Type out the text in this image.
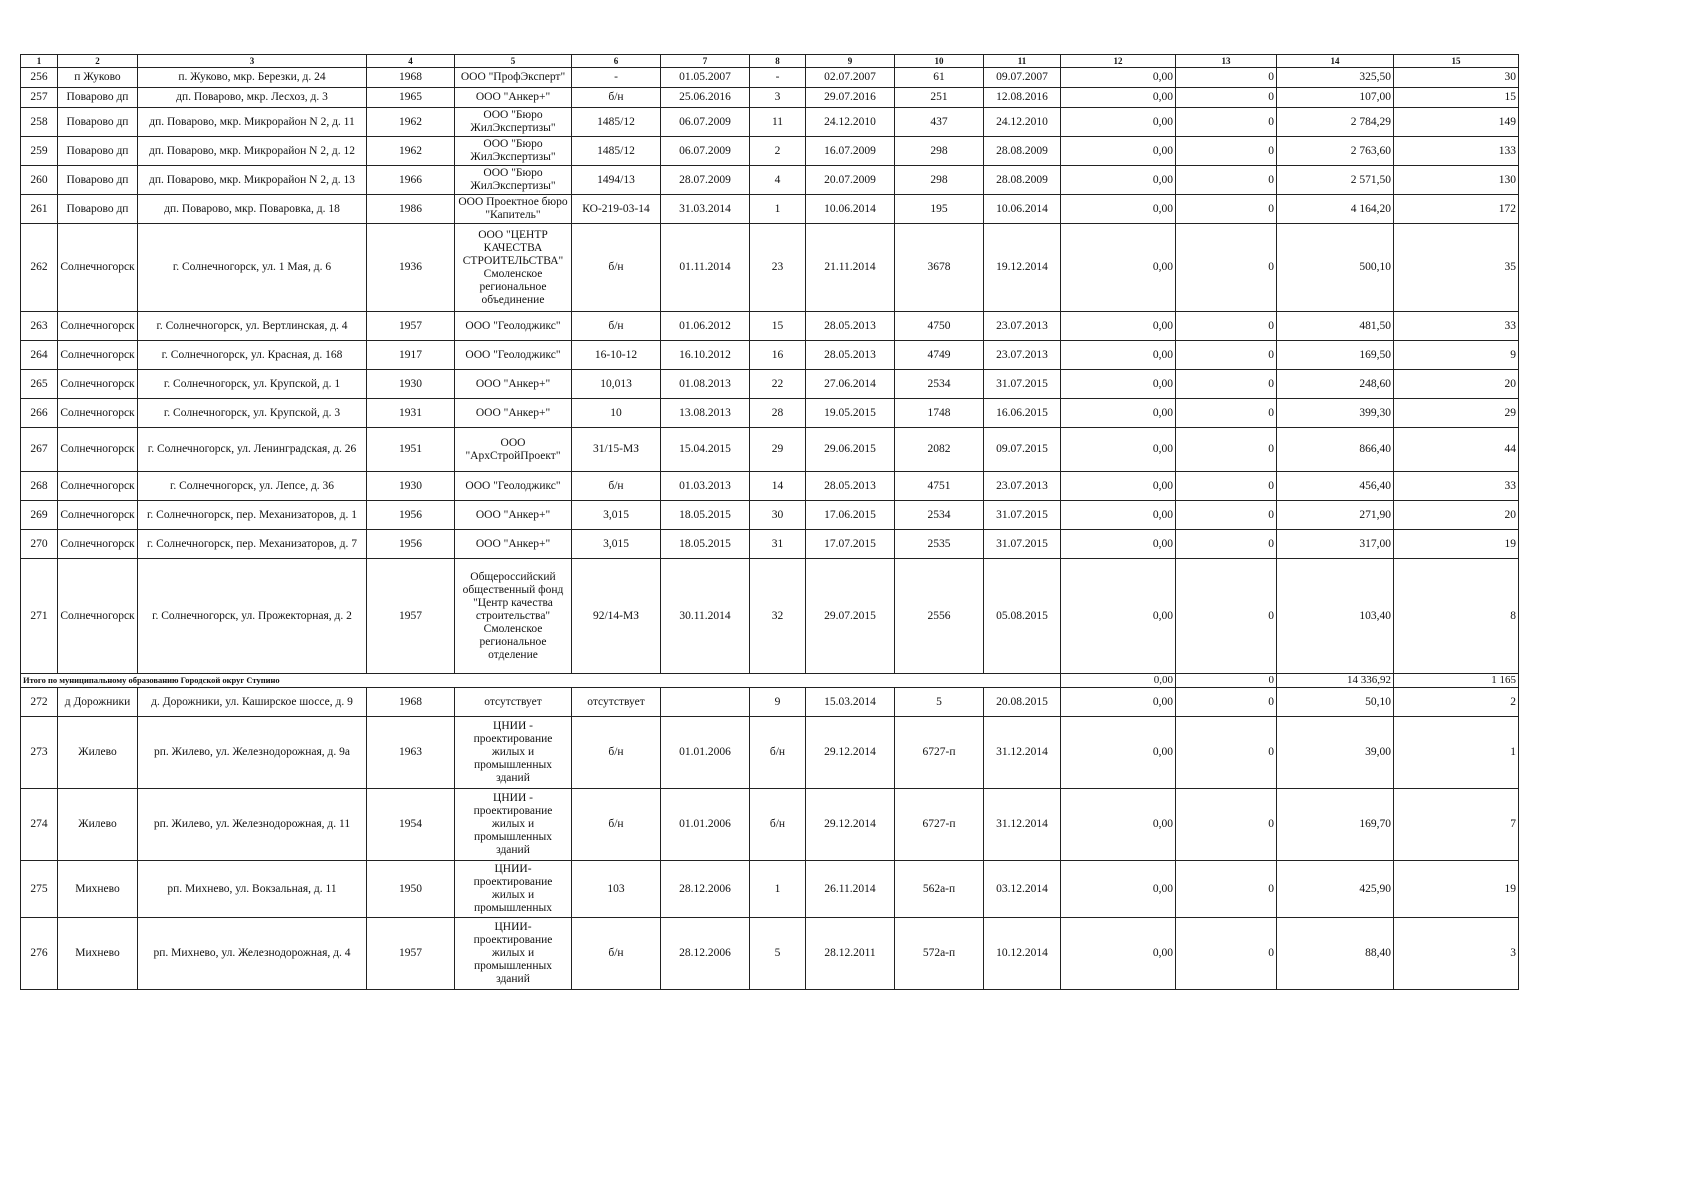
1	2	3	4	5	6	7	8	9	10	11	12	13	14	15
256	п Жуково	п. Жуково, мкр. Березки, д. 24	1968	ООО "ПрофЭксперт"	-	01.05.2007	-	02.07.2007	61	09.07.2007	0,00	0	325,50	30
257	Поварово дп	дп. Поварово, мкр. Лесхоз, д. 3	1965	ООО "Анкер+"	б/н	25.06.2016	3	29.07.2016	251	12.08.2016	0,00	0	107,00	15
258	Поварово дп	дп. Поварово, мкр. Микрорайон N 2, д. 11	1962	ООО "Бюро ЖилЭкспертизы"	1485/12	06.07.2009	11	24.12.2010	437	24.12.2010	0,00	0	2 784,29	149
259	Поварово дп	дп. Поварово, мкр. Микрорайон N 2, д. 12	1962	ООО "Бюро ЖилЭкспертизы"	1485/12	06.07.2009	2	16.07.2009	298	28.08.2009	0,00	0	2 763,60	133
260	Поварово дп	дп. Поварово, мкр. Микрорайон N 2, д. 13	1966	ООО "Бюро ЖилЭкспертизы"	1494/13	28.07.2009	4	20.07.2009	298	28.08.2009	0,00	0	2 571,50	130
261	Поварово дп	дп. Поварово, мкр. Поваровка, д. 18	1986	ООО Проектное бюро "Капитель"	КО-219-03-14	31.03.2014	1	10.06.2014	195	10.06.2014	0,00	0	4 164,20	172
262	Солнечногорск	г. Солнечногорск, ул. 1 Мая, д. 6	1936	ООО "ЦЕНТР КАЧЕСТВА СТРОИТЕЛЬСТВА" Смоленское региональное объединение	б/н	01.11.2014	23	21.11.2014	3678	19.12.2014	0,00	0	500,10	35
263	Солнечногорск	г. Солнечногорск, ул. Вертлинская, д. 4	1957	ООО "Геолоджикс"	б/н	01.06.2012	15	28.05.2013	4750	23.07.2013	0,00	0	481,50	33
264	Солнечногорск	г. Солнечногорск, ул. Красная, д. 168	1917	ООО "Геолоджикс"	16-10-12	16.10.2012	16	28.05.2013	4749	23.07.2013	0,00	0	169,50	9
265	Солнечногорск	г. Солнечногорск, ул. Крупской, д. 1	1930	ООО "Анкер+"	10,013	01.08.2013	22	27.06.2014	2534	31.07.2015	0,00	0	248,60	20
266	Солнечногорск	г. Солнечногорск, ул. Крупской, д. 3	1931	ООО "Анкер+"	10	13.08.2013	28	19.05.2015	1748	16.06.2015	0,00	0	399,30	29
267	Солнечногорск	г. Солнечногорск, ул. Ленинградская, д. 26	1951	ООО "АрхСтройПроект"	31/15-МЗ	15.04.2015	29	29.06.2015	2082	09.07.2015	0,00	0	866,40	44
268	Солнечногорск	г. Солнечногорск, ул. Лепсе, д. 36	1930	ООО "Геолоджикс"	б/н	01.03.2013	14	28.05.2013	4751	23.07.2013	0,00	0	456,40	33
269	Солнечногорск	г. Солнечногорск, пер. Механизаторов, д. 1	1956	ООО "Анкер+"	3,015	18.05.2015	30	17.06.2015	2534	31.07.2015	0,00	0	271,90	20
270	Солнечногорск	г. Солнечногорск, пер. Механизаторов, д. 7	1956	ООО "Анкер+"	3,015	18.05.2015	31	17.07.2015	2535	31.07.2015	0,00	0	317,00	19
271	Солнечногорск	г. Солнечногорск, ул. Прожекторная, д. 2	1957	Общероссийский общественный фонд "Центр качества строительства" Смоленское региональное отделение	92/14-МЗ	30.11.2014	32	29.07.2015	2556	05.08.2015	0,00	0	103,40	8
Итого по муниципальному образованию Городской округ Ступино											0,00	0	14 336,92	1 165
272	д Дорожники	д. Дорожники, ул. Каширское шоссе, д. 9	1968	отсутствует	отсутствует		9	15.03.2014	5	20.08.2015	0,00	0	50,10	2
273	Жилево	рп. Жилево, ул. Железнодорожная, д. 9а	1963	ЦНИИ - проектирование жилых и промышленных зданий	б/н	01.01.2006	б/н	29.12.2014	6727-п	31.12.2014	0,00	0	39,00	1
274	Жилево	рп. Жилево, ул. Железнодорожная, д. 11	1954	ЦНИИ - проектирование жилых и промышленных зданий	б/н	01.01.2006	б/н	29.12.2014	6727-п	31.12.2014	0,00	0	169,70	7
275	Михнево	рп. Михнево, ул. Вокзальная, д. 11	1950	ЦНИИ- проектирование жилых и промышленных	103	28.12.2006	1	26.11.2014	562а-п	03.12.2014	0,00	0	425,90	19
276	Михнево	рп. Михнево, ул. Железнодорожная, д. 4	1957	ЦНИИ- проектирование жилых и промышленных зданий	б/н	28.12.2006	5	28.12.2011	572а-п	10.12.2014	0,00	0	88,40	3
